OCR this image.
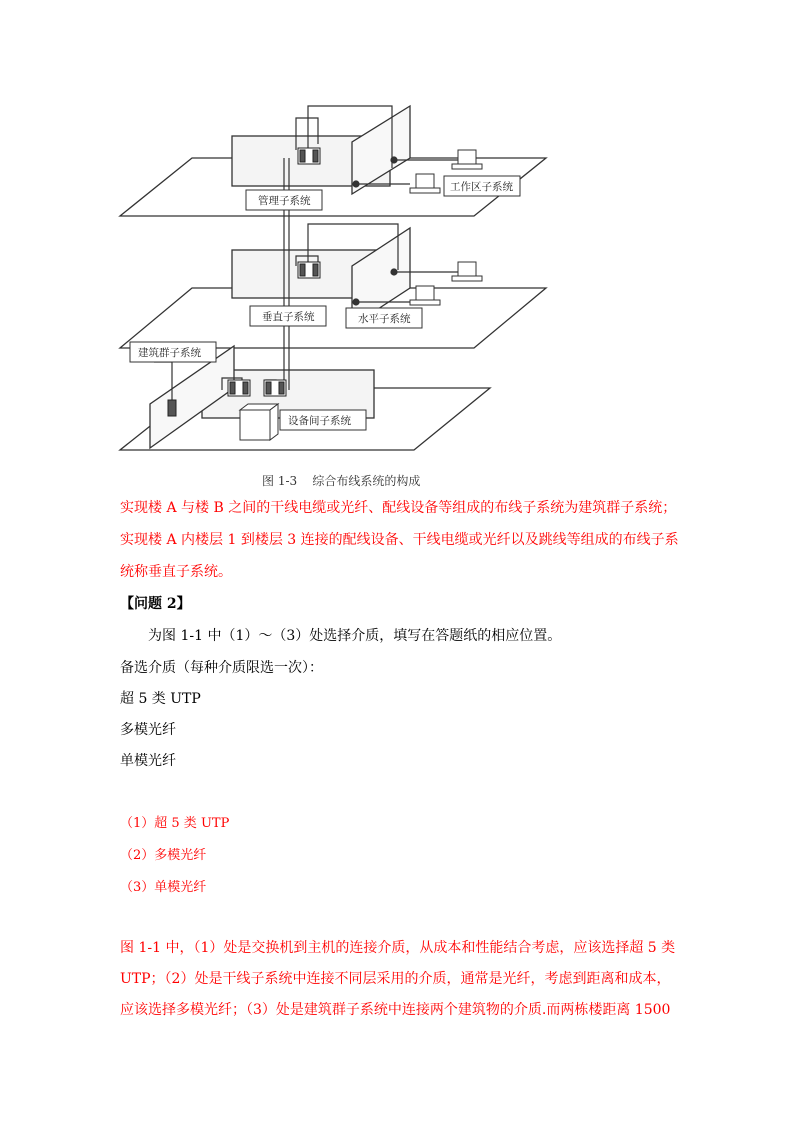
管理子系统
工作区子系统
垂直子系统	水平子系统
建筑群子系统
设备间子系统
图 1-3    综合布线系统的构成
实现楼 A 与楼 B 之间的干线电缆或光纤、配线设备等组成的布线子系统为建筑群子系统；
实现楼 A 内楼层 1 到楼层 3 连接的配线设备、干线电缆或光纤以及跳线等组成的布线子系
统称垂直子系统。
【问题 2】
为图 1-1 中（1）～（3）处选择介质，填写在答题纸的相应位置。
备选介质（每种介质限选一次）：
超 5 类 UTP
多模光纤
单模光纤
（1）超 5 类 UTP
（2）多模光纤
（3）单模光纤
图 1-1 中，（1）处是交换机到主机的连接介质，从成本和性能结合考虑，应该选择超 5 类
UTP；（2）处是干线子系统中连接不同层采用的介质，通常是光纤，考虑到距离和成本，
应该选择多模光纤；（3）处是建筑群子系统中连接两个建筑物的介质.而两栋楼距离 1500
